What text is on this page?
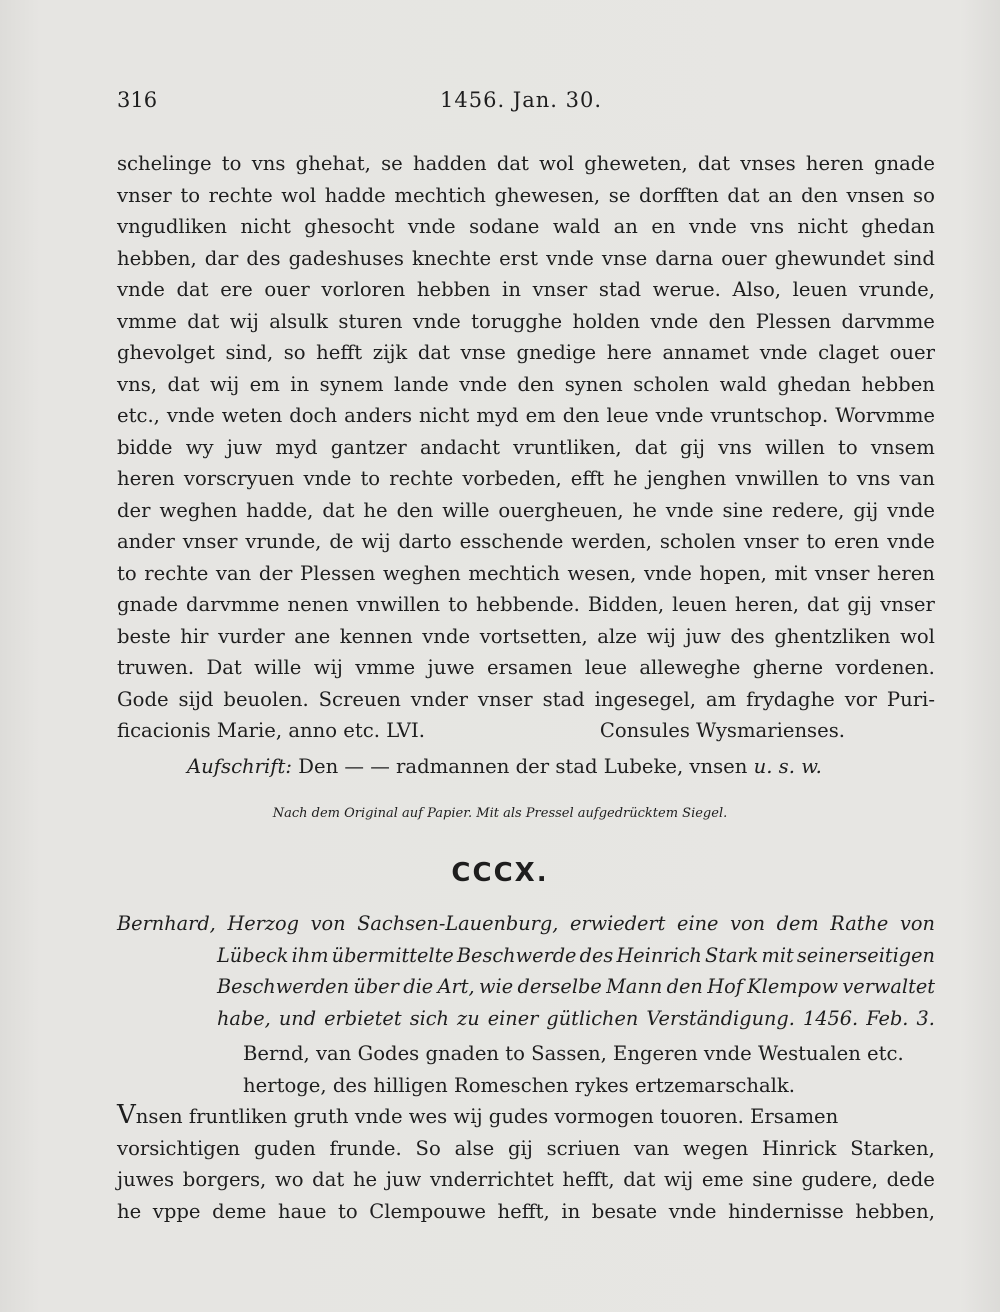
316	1456. Jan. 30.
schelinge to vns ghehat, se hadden dat wol gheweten, dat vnses heren gnade
vnser to rechte wol hadde mechtich ghewesen, se dorfften dat an den vnsen so
vngudliken nicht ghesocht vnde sodane wald an en vnde vns nicht ghedan
hebben, dar des gadeshuses knechte erst vnde vnse darna ouer ghewundet sind
vnde dat ere ouer vorloren hebben in vnser stad werue. Also, leuen vrunde,
vmme dat wij alsulk sturen vnde torugghe holden vnde den Plessen darvmme
ghevolget sind, so hefft zijk dat vnse gnedige here annamet vnde claget ouer
vns, dat wij em in synem lande vnde den synen scholen wald ghedan hebben
etc., vnde weten doch anders nicht myd em den leue vnde vruntschop. Worvmme
bidde wy juw myd gantzer andacht vruntliken, dat gij vns willen to vnsem
heren vorscryuen vnde to rechte vorbeden, efft he jenghen vnwillen to vns van
der weghen hadde, dat he den wille ouergheuen, he vnde sine redere, gij vnde
ander vnser vrunde, de wij darto esschende werden, scholen vnser to eren vnde
to rechte van der Plessen weghen mechtich wesen, vnde hopen, mit vnser heren
gnade darvmme nenen vnwillen to hebbende. Bidden, leuen heren, dat gij vnser
beste hir vurder ane kennen vnde vortsetten, alze wij juw des ghentzliken wol
truwen. Dat wille wij vmme juwe ersamen leue alleweghe gherne vordenen.
Gode sijd beuolen. Screuen vnder vnser stad ingesegel, am frydaghe vor Puri-
ficacionis Marie, anno etc. LVI.	Consules Wysmarienses.
Aufschrift: Den — — radmannen der stad Lubeke, vnsen u. s. w.
Nach dem Original auf Papier. Mit als Pressel aufgedrücktem Siegel.
CCCX.
Bernhard, Herzog von Sachsen-Lauenburg, erwiedert eine von dem Rathe von
Lübeck ihm übermittelte Beschwerde des Heinrich Stark mit seinerseitigen
Beschwerden über die Art, wie derselbe Mann den Hof Klempow verwaltet
habe, und erbietet sich zu einer gütlichen Verständigung. 1456. Feb. 3.
Bernd, van Godes gnaden to Sassen, Engeren vnde Westualen etc.
hertoge, des hilligen Romeschen rykes ertzemarschalk.
Vnsen fruntliken gruth vnde wes wij gudes vormogen touoren. Ersamen
vorsichtigen guden frunde. So alse gij scriuen van wegen Hinrick Starken,
juwes borgers, wo dat he juw vnderrichtet hefft, dat wij eme sine gudere, dede
he vppe deme haue to Clempouwe hefft, in besate vnde hindernisse hebben,
